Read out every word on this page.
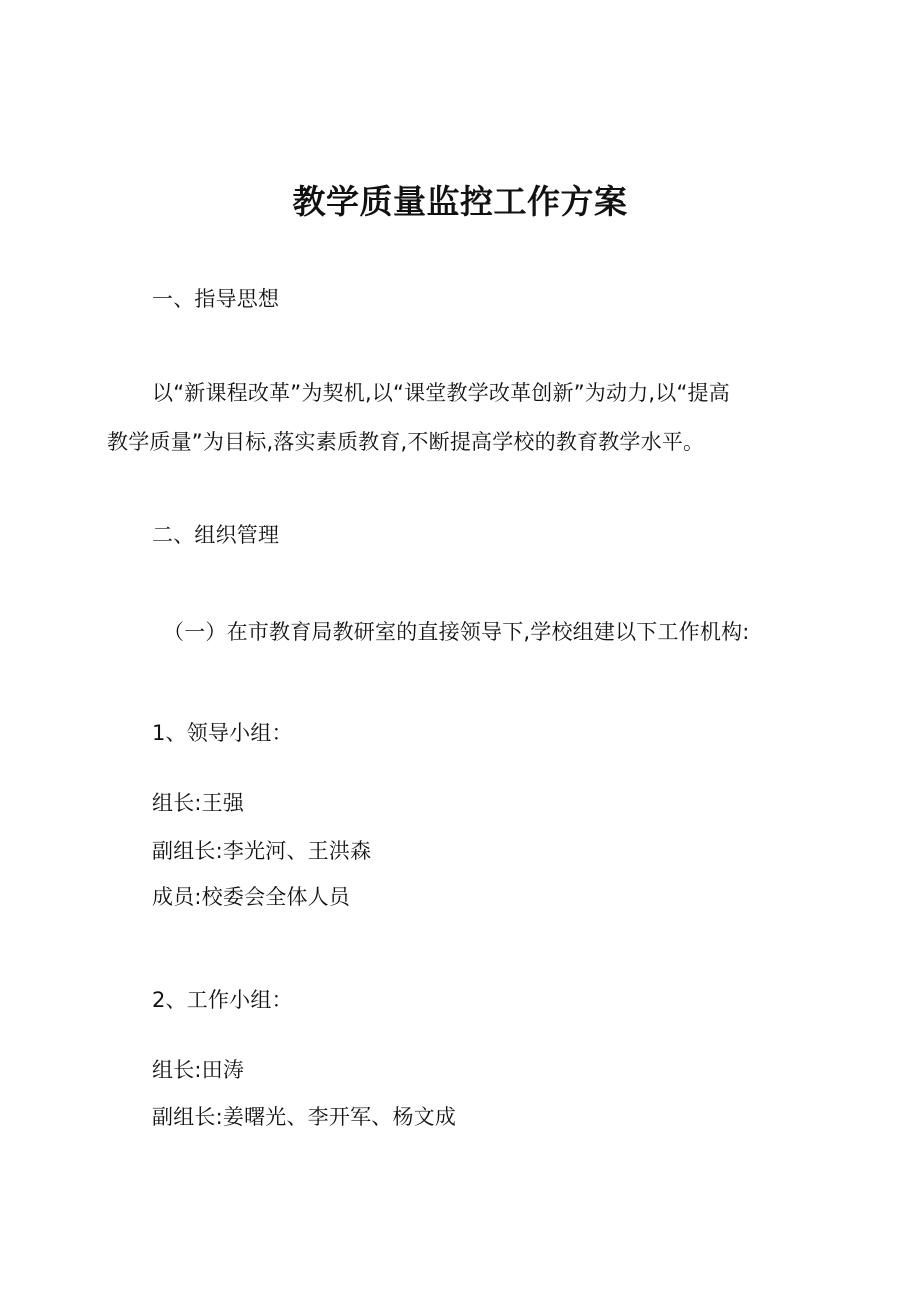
教学质量监控工作方案
一、指导思想
以“新课程改革”为契机,以“课堂教学改革创新”为动力,以“提高
教学质量”为目标,落实素质教育,不断提高学校的教育教学水平。
二、组织管理
（一）在市教育局教研室的直接领导下,学校组建以下工作机构:
1、领导小组：
组长:王强
副组长:李光河、王洪森
成员:校委会全体人员
2、工作小组：
组长:田涛
副组长:姜曙光、李开军、杨文成
